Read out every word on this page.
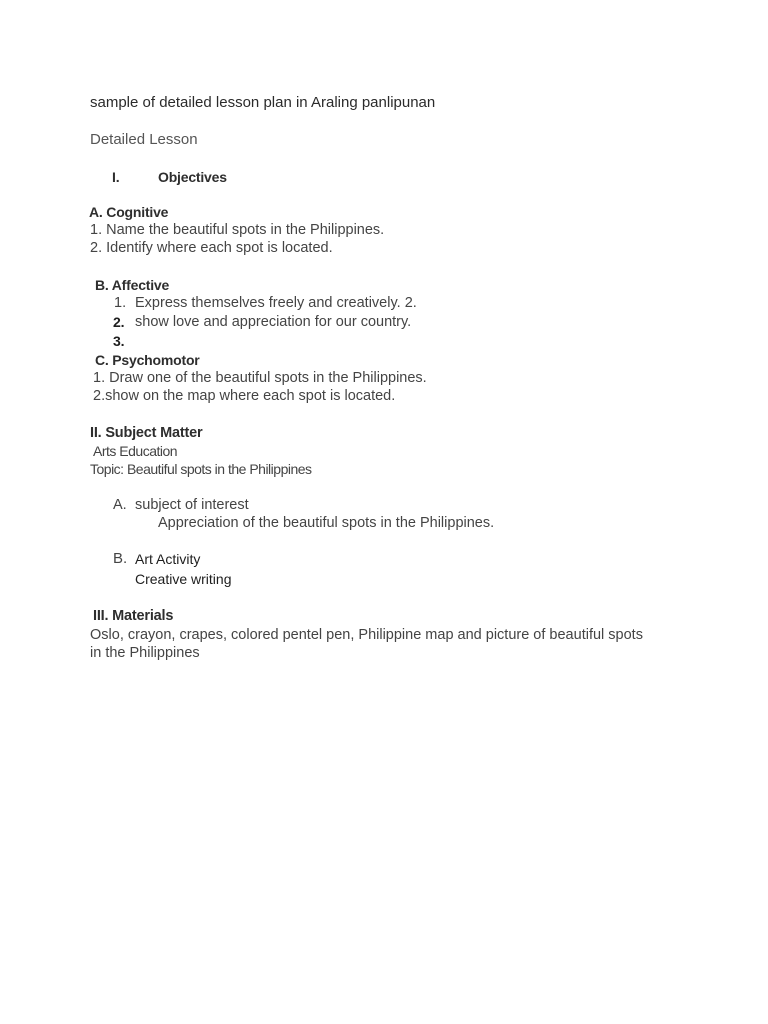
sample of detailed lesson plan in Araling panlipunan
Detailed Lesson
I.	Objectives
A. Cognitive
1. Name the beautiful spots in the Philippines.
2. Identify where each spot is located.
B. Affective
1. Express themselves freely and creatively. 2.
2. show love and appreciation for our country.
3.
C. Psychomotor
1. Draw one of the beautiful spots in the Philippines.
2.show on the map where each spot is located.
II. Subject Matter
Arts Education
Topic: Beautiful spots in the Philippines
A. subject of interest
Appreciation of the beautiful spots in the Philippines.
B. Art Activity
Creative writing
III. Materials
Oslo, crayon, crapes, colored pentel pen, Philippine map and picture of beautiful spots
in the Philippines
